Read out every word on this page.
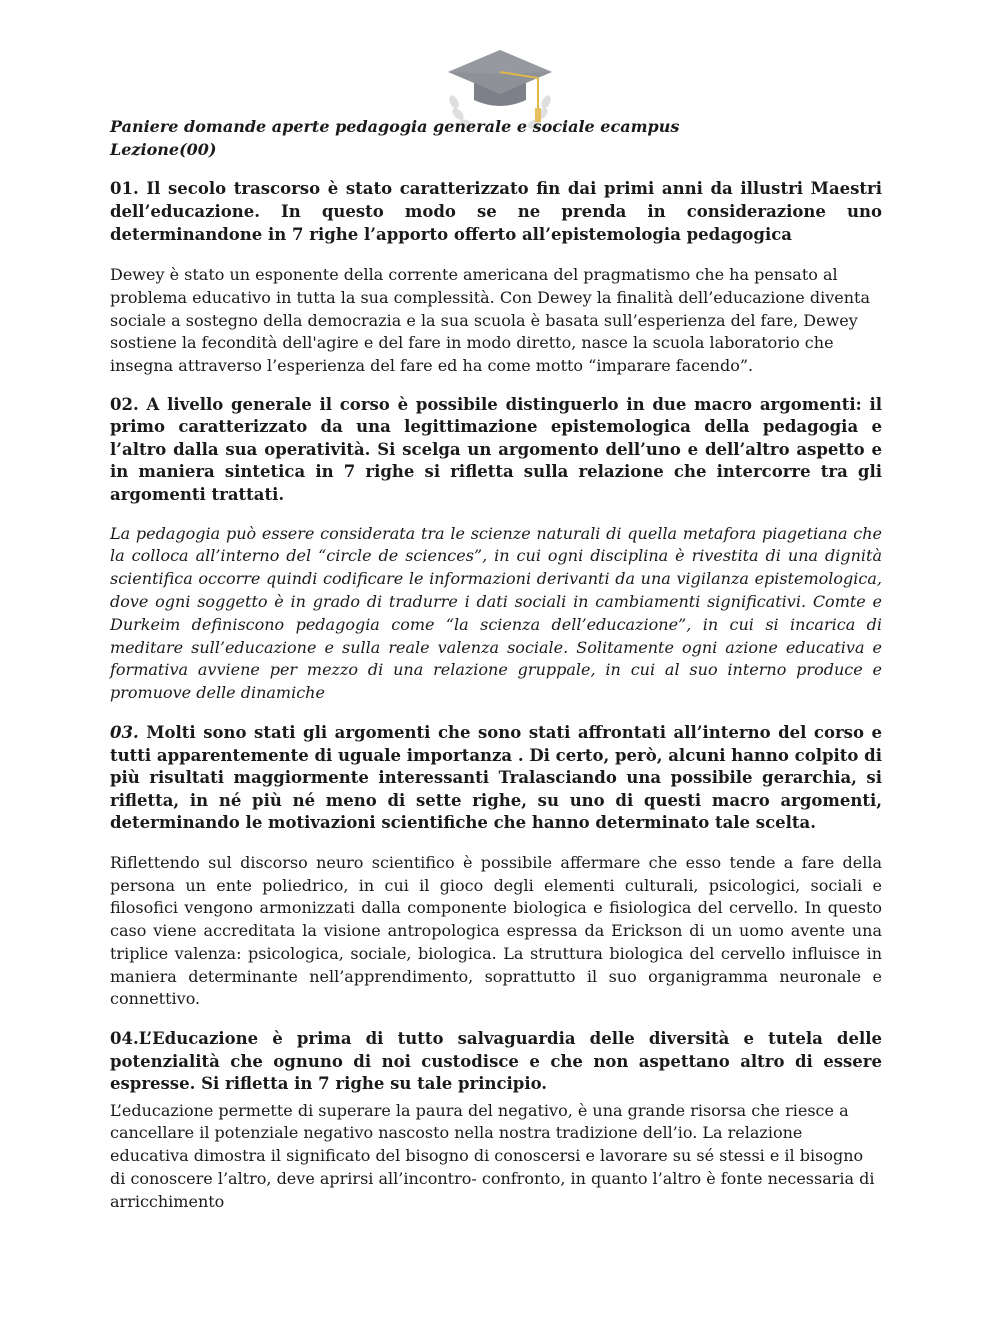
Paniere domande aperte pedagogia generale e sociale ecampus

Lezione(00)

01. Il secolo trascorso è stato caratterizzato fin dai primi anni da illustri Maestri dell’educazione. In questo modo se ne prenda in considerazione uno determinandone in 7 righe l’apporto offerto all’epistemologia pedagogica

Dewey è stato un esponente della corrente americana del pragmatismo che ha pensato al problema educativo in tutta la sua complessità. Con Dewey la finalità dell’educazione diventa sociale a sostegno della democrazia e la sua scuola è basata sull’esperienza del fare, Dewey sostiene la fecondità dell'agire e del fare in modo diretto, nasce la scuola laboratorio che insegna attraverso l’esperienza del fare ed ha come motto “imparare facendo”.

02. A livello generale il corso è possibile distinguerlo in due macro argomenti: il primo caratterizzato da una legittimazione epistemologica della pedagogia e l’altro dalla sua operatività. Si scelga un argomento dell’uno e dell’altro aspetto e in maniera sintetica in 7 righe si rifletta sulla relazione che intercorre tra gli argomenti trattati.

La pedagogia può essere considerata tra le scienze naturali di quella metafora piagetiana che la colloca all’interno del “circle de sciences”, in cui ogni disciplina è rivestita di una dignità scientifica occorre quindi codificare le informazioni derivanti da una vigilanza epistemologica, dove ogni soggetto è in grado di tradurre i dati sociali in cambiamenti significativi. Comte e Durkeim definiscono pedagogia come “la scienza dell’educazione”, in cui si incarica di meditare sull’educazione e sulla reale valenza sociale. Solitamente ogni azione educativa e formativa avviene per mezzo di una relazione gruppale, in cui al suo interno produce e promuove delle dinamiche

03. Molti sono stati gli argomenti che sono stati affrontati all’interno del corso e tutti apparentemente di uguale importanza . Di certo, però, alcuni hanno colpito di più risultati maggiormente interessanti Tralasciando una possibile gerarchia, si rifletta, in né più né meno di sette righe, su uno di questi macro argomenti, determinando le motivazioni scientifiche che hanno determinato tale scelta.

Riflettendo sul discorso neuro scientifico è possibile affermare che esso tende a fare della persona un ente poliedrico, in cui il gioco degli elementi culturali, psicologici, sociali e filosofici vengono armonizzati dalla componente biologica e fisiologica del cervello. In questo caso viene accreditata la visione antropologica espressa da Erickson di un uomo avente una triplice valenza: psicologica, sociale, biologica. La struttura biologica del cervello influisce in maniera determinante nell’apprendimento, soprattutto il suo organigramma neuronale e connettivo.

04.L’Educazione è prima di tutto salvaguardia delle diversità e tutela delle potenzialità che ognuno di noi custodisce e che non aspettano altro di essere espresse. Si rifletta in 7 righe su tale principio.

L’educazione permette di superare la paura del negativo, è una grande risorsa che riesce a cancellare il potenziale negativo nascosto nella nostra tradizione dell’io. La relazione educativa dimostra il significato del bisogno di conoscersi e lavorare su sé stessi e il bisogno di conoscere l’altro, deve aprirsi all’incontro- confronto, in quanto l’altro è fonte necessaria di arricchimento
